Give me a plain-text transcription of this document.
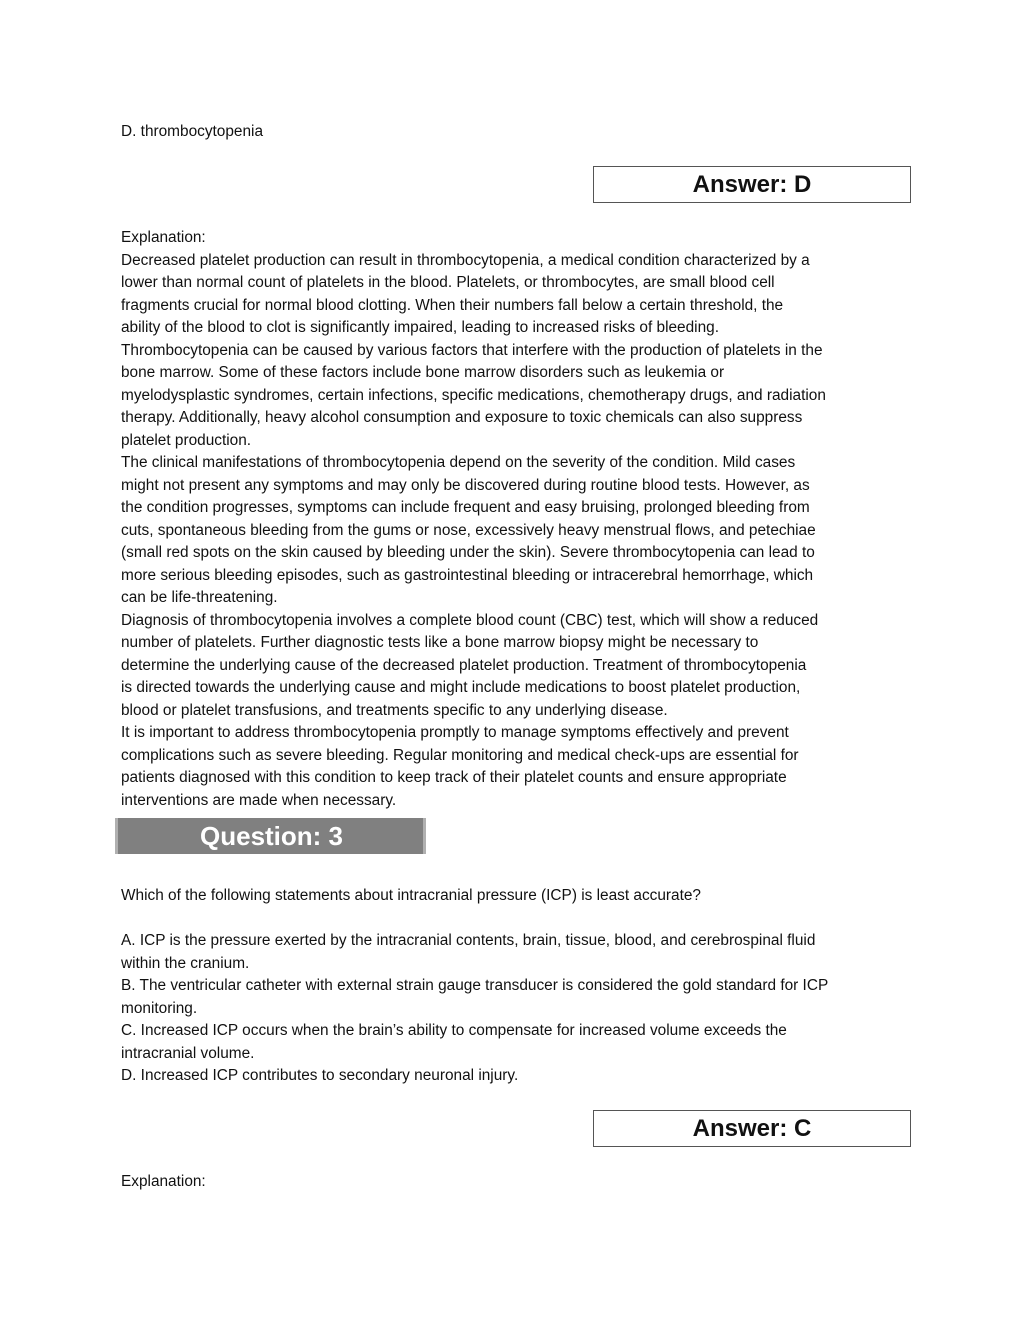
D. thrombocytopenia
Answer: D
Explanation:
Decreased platelet production can result in thrombocytopenia, a medical condition characterized by a
lower than normal count of platelets in the blood. Platelets, or thrombocytes, are small blood cell
fragments crucial for normal blood clotting. When their numbers fall below a certain threshold, the
ability of the blood to clot is significantly impaired, leading to increased risks of bleeding.
Thrombocytopenia can be caused by various factors that interfere with the production of platelets in the
bone marrow. Some of these factors include bone marrow disorders such as leukemia or
myelodysplastic syndromes, certain infections, specific medications, chemotherapy drugs, and radiation
therapy. Additionally, heavy alcohol consumption and exposure to toxic chemicals can also suppress
platelet production.
The clinical manifestations of thrombocytopenia depend on the severity of the condition. Mild cases
might not present any symptoms and may only be discovered during routine blood tests. However, as
the condition progresses, symptoms can include frequent and easy bruising, prolonged bleeding from
cuts, spontaneous bleeding from the gums or nose, excessively heavy menstrual flows, and petechiae
(small red spots on the skin caused by bleeding under the skin). Severe thrombocytopenia can lead to
more serious bleeding episodes, such as gastrointestinal bleeding or intracerebral hemorrhage, which
can be life-threatening.
Diagnosis of thrombocytopenia involves a complete blood count (CBC) test, which will show a reduced
number of platelets. Further diagnostic tests like a bone marrow biopsy might be necessary to
determine the underlying cause of the decreased platelet production. Treatment of thrombocytopenia
is directed towards the underlying cause and might include medications to boost platelet production,
blood or platelet transfusions, and treatments specific to any underlying disease.
It is important to address thrombocytopenia promptly to manage symptoms effectively and prevent
complications such as severe bleeding. Regular monitoring and medical check-ups are essential for
patients diagnosed with this condition to keep track of their platelet counts and ensure appropriate
interventions are made when necessary.
Question: 3
Which of the following statements about intracranial pressure (ICP) is least accurate?
A. ICP is the pressure exerted by the intracranial contents, brain, tissue, blood, and cerebrospinal fluid
within the cranium.
B. The ventricular catheter with external strain gauge transducer is considered the gold standard for ICP
monitoring.
C. Increased ICP occurs when the brain’s ability to compensate for increased volume exceeds the
intracranial volume.
D. Increased ICP contributes to secondary neuronal injury.
Answer: C
Explanation:
